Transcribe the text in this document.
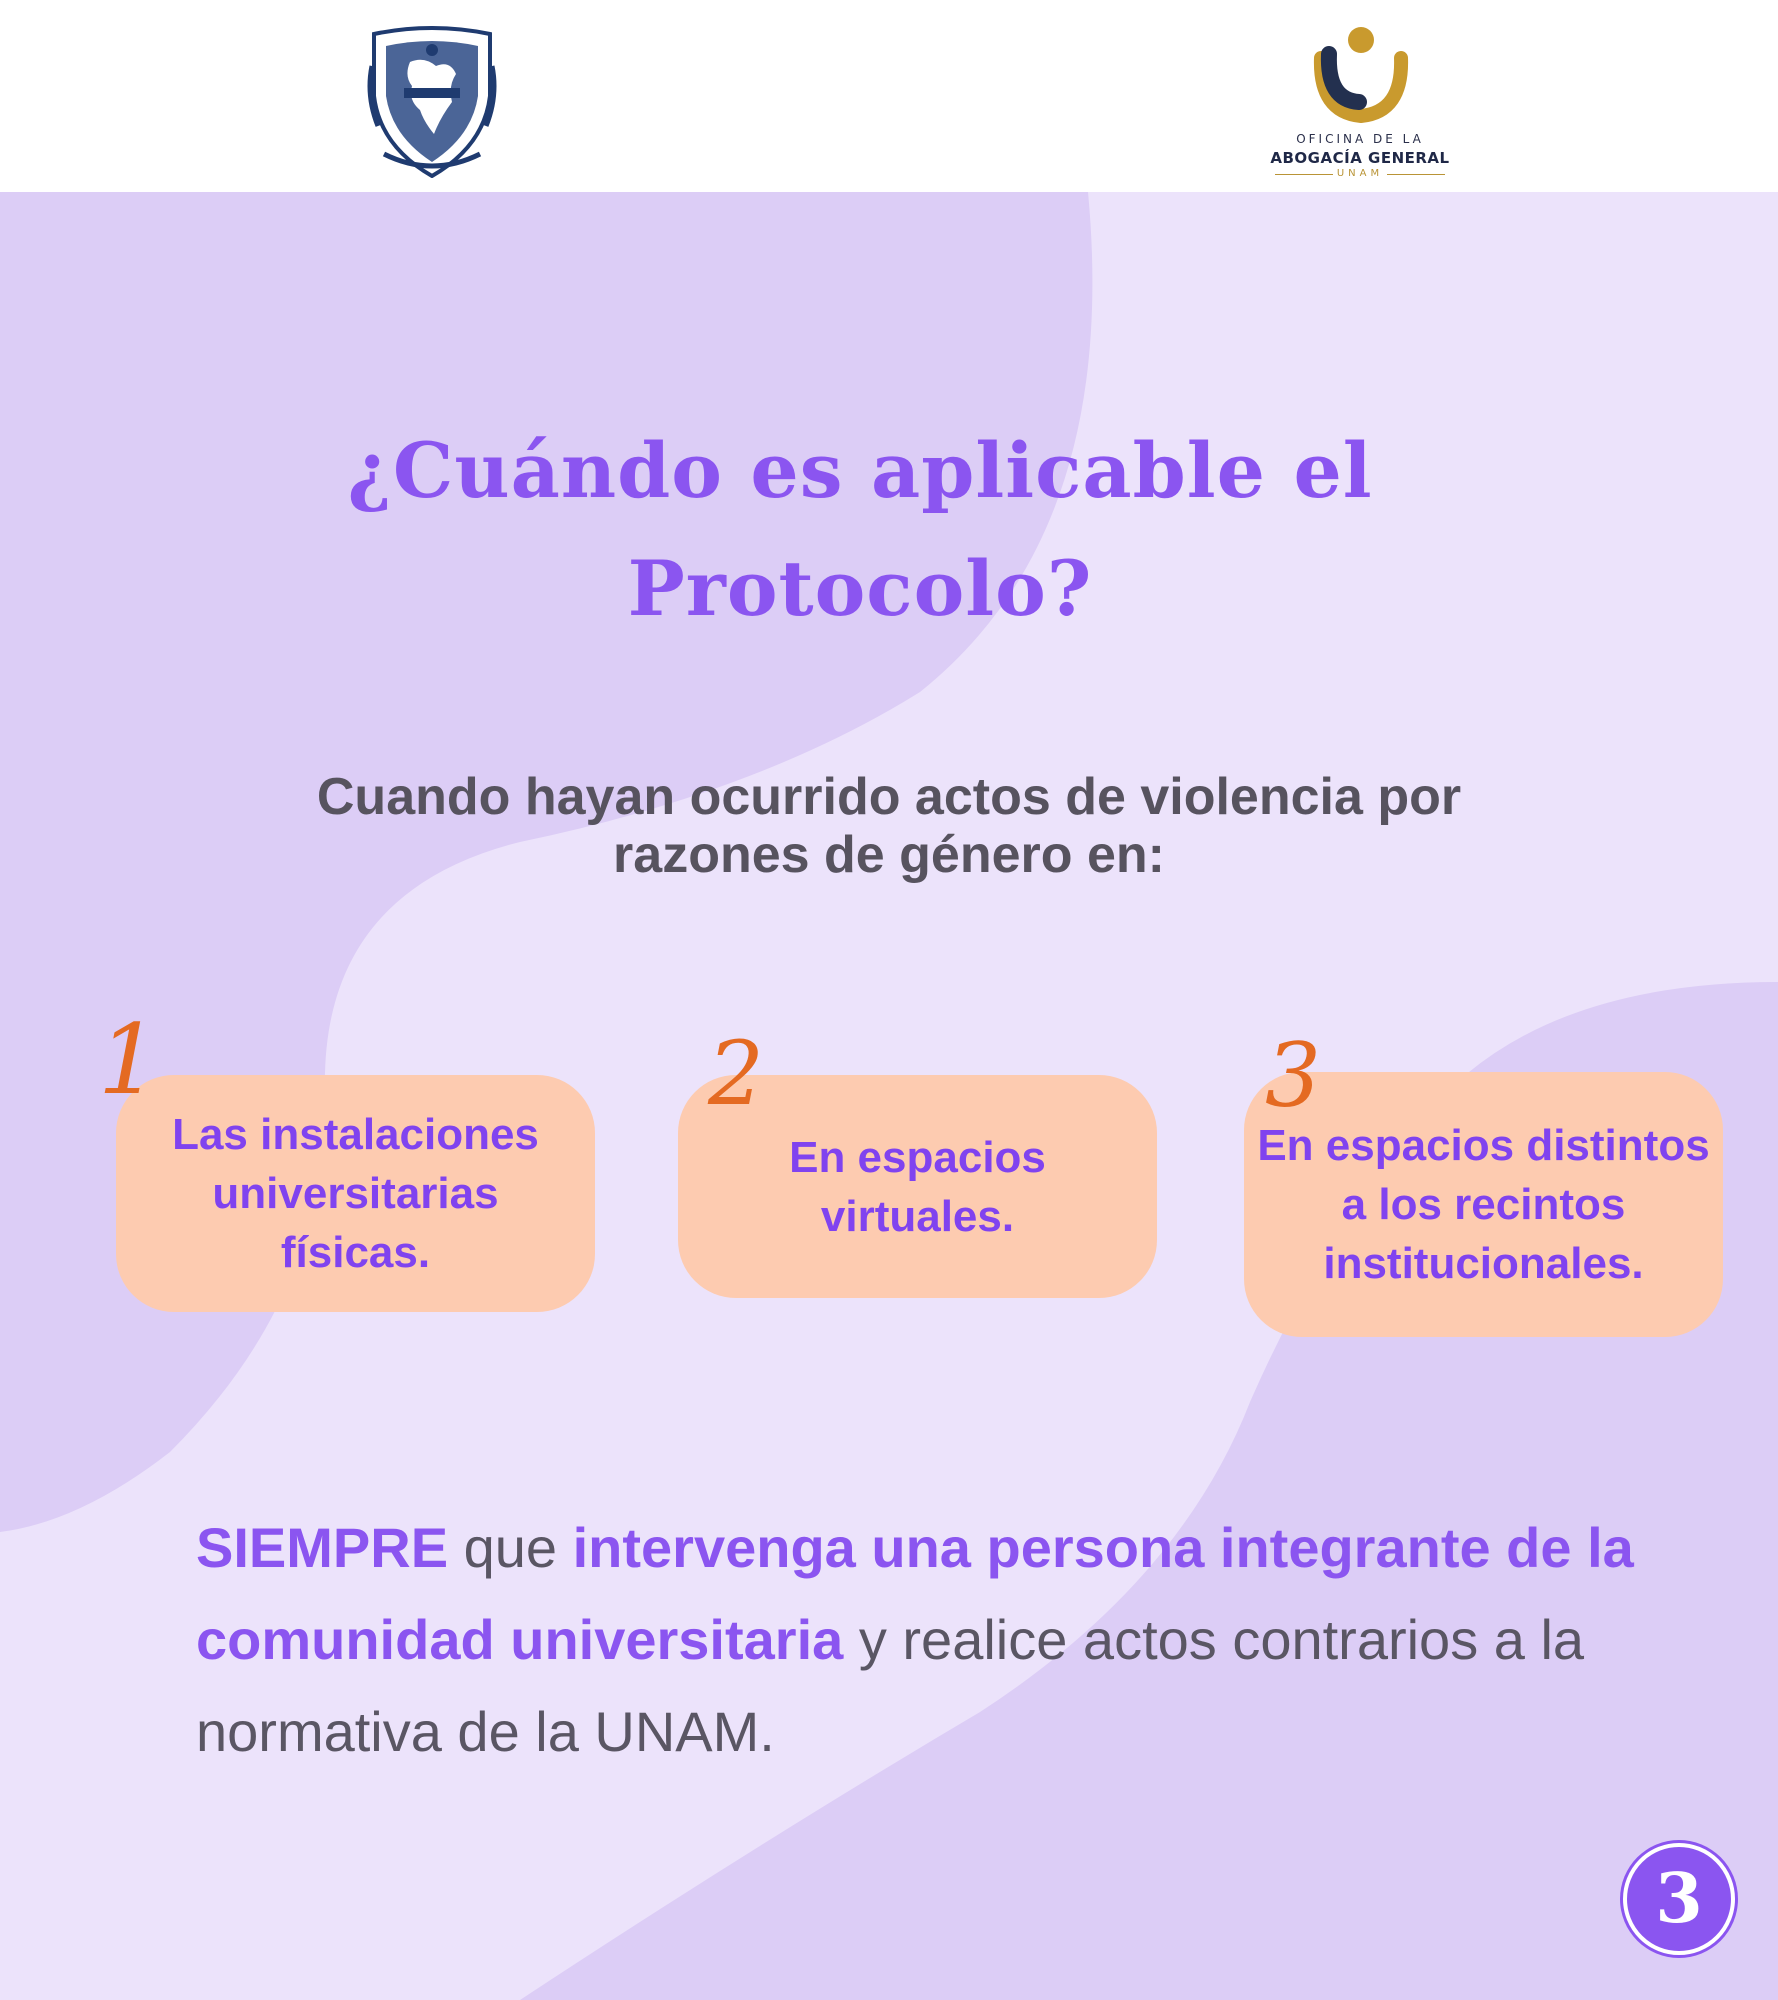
OFICINA DE LA
ABOGACÍA GENERAL
UNAM
¿Cuándo es aplicable el
Protocolo?
Cuando hayan ocurrido actos de violencia por
razones de género en:
Las instalaciones universitarias físicas.
En espacios virtuales.
En espacios distintos a los recintos institucionales.
1	2	3
SIEMPRE que intervenga una persona integrante de la comunidad universitaria y realice actos contrarios a la normativa de la UNAM.
3
